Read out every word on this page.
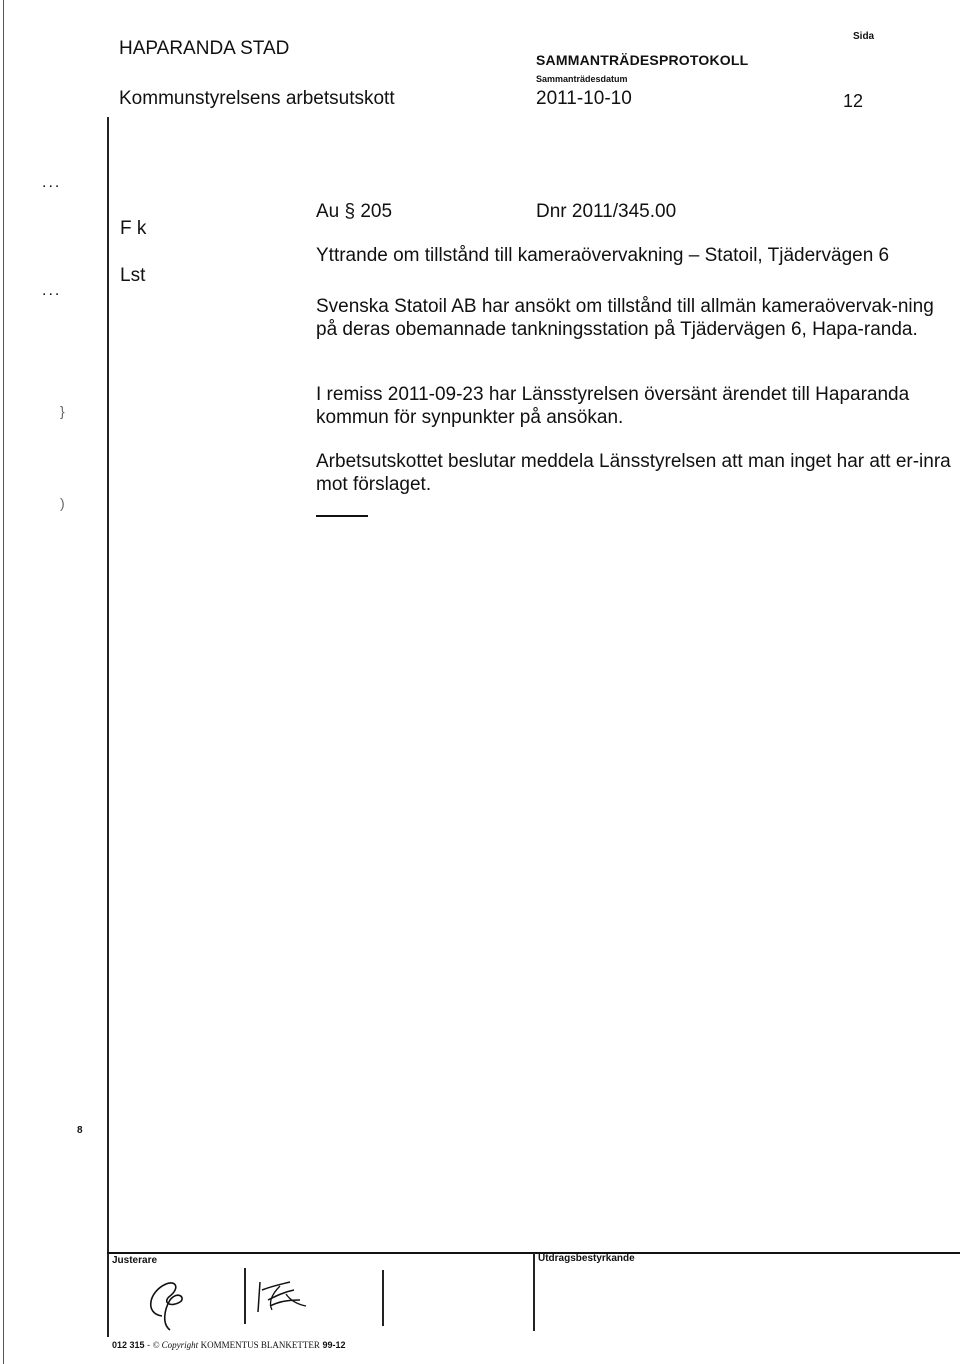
HAPARANDA STAD
Kommunstyrelsens arbetsutskott
SAMMANTRÄDESPROTOKOLL
Sammanträdesdatum
2011-10-10
Sida
12
...
...
}
)
F k
Lst
Au § 205	Dnr 2011/345.00
Yttrande om tillstånd till kameraövervakning – Statoil, Tjädervägen 6
Svenska Statoil AB har ansökt om tillstånd till allmän kameraövervak-ning på deras obemannade tankningsstation på Tjädervägen 6, Hapa-randa.
I remiss 2011-09-23 har Länsstyrelsen översänt ärendet till Haparanda kommun för synpunkter på ansökan.
Arbetsutskottet beslutar meddela Länsstyrelsen att man inget har att er-inra mot förslaget.
8
Justerare	Utdragsbestyrkande
012 315 - © Copyright KOMMENTUS BLANKETTER 99-12
